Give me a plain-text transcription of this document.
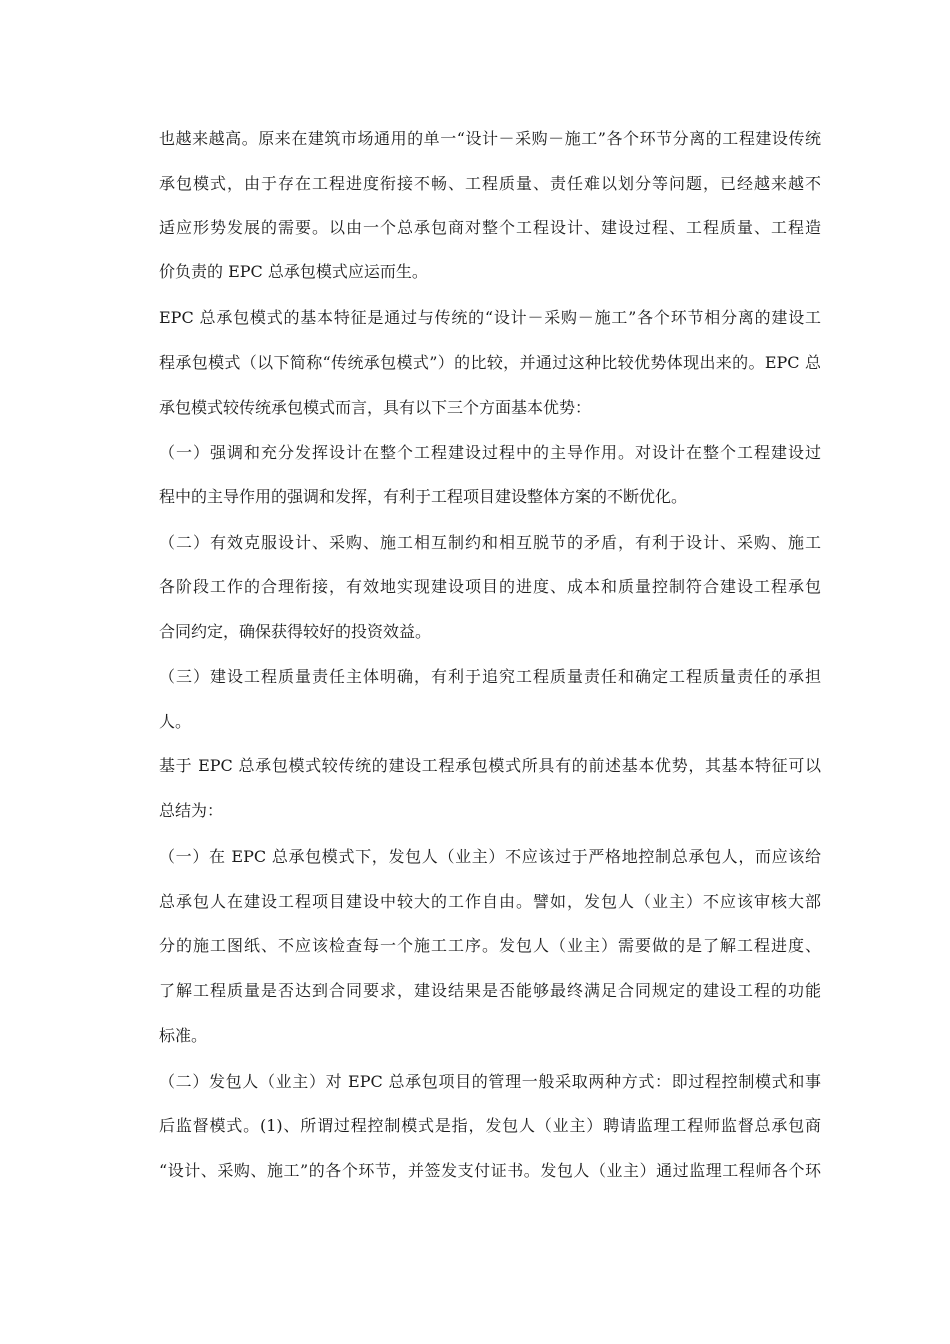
也越来越高。原来在建筑市场通用的单一“设计－采购－施工”各个环节分离的工程建设传统

承包模式，由于存在工程进度衔接不畅、工程质量、责任难以划分等问题，已经越来越不

适应形势发展的需要。以由一个总承包商对整个工程设计、建设过程、工程质量、工程造

价负责的 EPC 总承包模式应运而生。

EPC 总承包模式的基本特征是通过与传统的“设计－采购－施工”各个环节相分离的建设工

程承包模式（以下简称“传统承包模式”）的比较，并通过这种比较优势体现出来的。EPC 总

承包模式较传统承包模式而言，具有以下三个方面基本优势：

（一）强调和充分发挥设计在整个工程建设过程中的主导作用。对设计在整个工程建设过

程中的主导作用的强调和发挥，有利于工程项目建设整体方案的不断优化。

（二）有效克服设计、采购、施工相互制约和相互脱节的矛盾，有利于设计、采购、施工

各阶段工作的合理衔接，有效地实现建设项目的进度、成本和质量控制符合建设工程承包

合同约定，确保获得较好的投资效益。

（三）建设工程质量责任主体明确，有利于追究工程质量责任和确定工程质量责任的承担

人。

基于 EPC 总承包模式较传统的建设工程承包模式所具有的前述基本优势，其基本特征可以

总结为：

（一）在 EPC 总承包模式下，发包人（业主）不应该过于严格地控制总承包人，而应该给

总承包人在建设工程项目建设中较大的工作自由。譬如，发包人（业主）不应该审核大部

分的施工图纸、不应该检查每一个施工工序。发包人（业主）需要做的是了解工程进度、

了解工程质量是否达到合同要求，建设结果是否能够最终满足合同规定的建设工程的功能

标准。

（二）发包人（业主）对 EPC 总承包项目的管理一般采取两种方式：即过程控制模式和事

后监督模式。(1)、所谓过程控制模式是指，发包人（业主）聘请监理工程师监督总承包商

“设计、采购、施工”的各个环节，并签发支付证书。发包人（业主）通过监理工程师各个环
